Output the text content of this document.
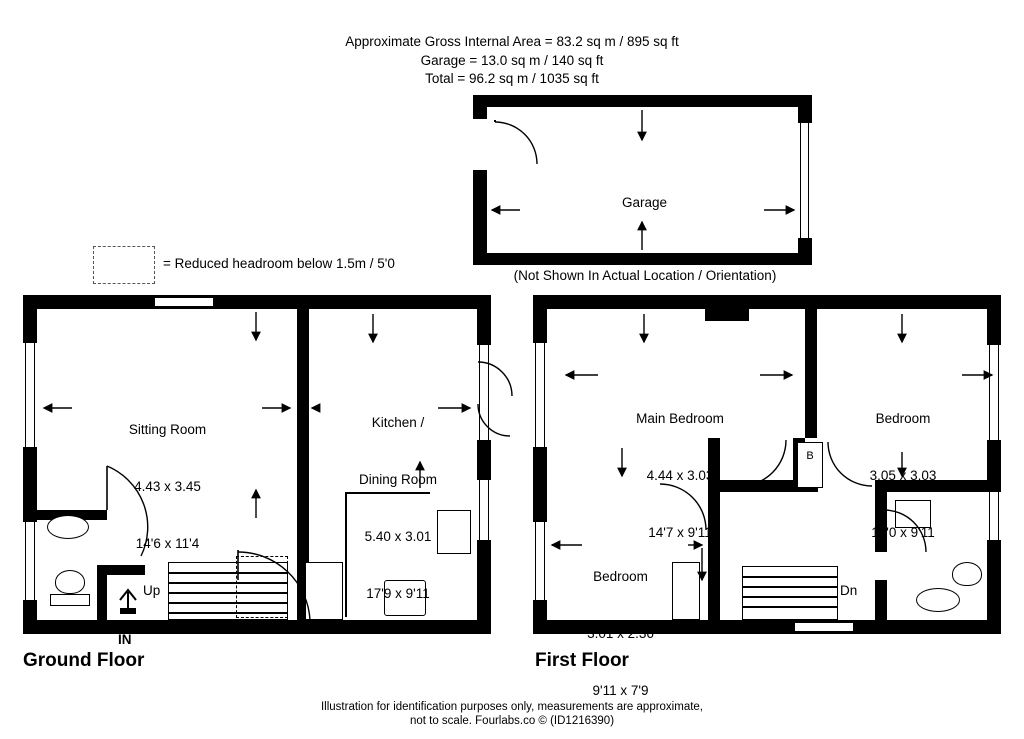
Approximate Gross Internal Area = 83.2 sq m / 895 sq ft
Garage = 13.0 sq m / 140 sq ft
Total = 96.2 sq m / 1035 sq ft
= Reduced headroom below 1.5m / 5'0

Garage

5.35 x 2.39

(Not Shown In Actual Location / Orientation)

Sitting Room

4.43 x 3.45

14'6 x 11'4

Kitchen /

Dining Room

5.40 x 3.01

17'9 x 9'11

Up
IN
Ground Floor
B
Dn

Main Bedroom

4.44 x 3.03

14'7 x 9'11

Bedroom

3.05 x 3.03

10'0 x 9'11

Bedroom

3.01 x 2.36

9'11 x 7'9

First Floor
Illustration for identification purposes only, measurements are approximate,
not to scale. Fourlabs.co © (ID1216390)
